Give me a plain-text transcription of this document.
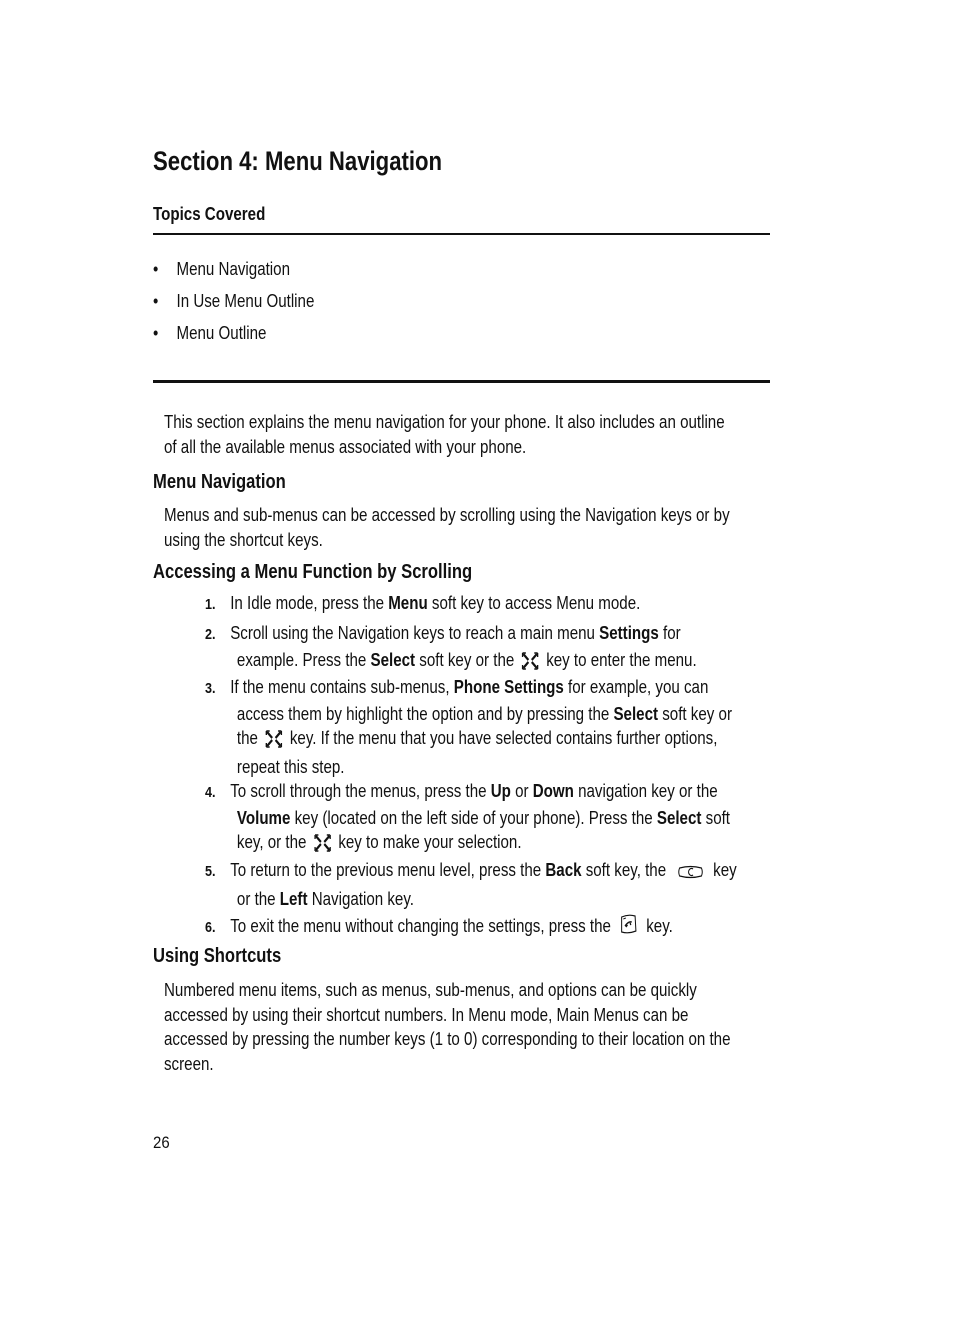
Section 4: Menu Navigation
Topics Covered
• Menu Navigation
• In Use Menu Outline
• Menu Outline
This section explains the menu navigation for your phone. It also includes an outline
of all the available menus associated with your phone.
Menu Navigation
Menus and sub-menus can be accessed by scrolling using the Navigation keys or by
using the shortcut keys.
Accessing a Menu Function by Scrolling
1. In Idle mode, press the Menu soft key to access Menu mode.
2. Scroll using the Navigation keys to reach a main menu Settings for
example. Press the Select soft key or the  key to enter the menu.
3. If the menu contains sub-menus, Phone Settings for example, you can
access them by highlight the option and by pressing the Select soft key or
the  key. If the menu that you have selected contains further options,
repeat this step.
4. To scroll through the menus, press the Up or Down navigation key or the
Volume key (located on the left side of your phone). Press the Select soft
key, or the  key to make your selection.
5. To return to the previous menu level, press the Back soft key, the  key
or the Left Navigation key.
6. To exit the menu without changing the settings, press the  key.
Using Shortcuts
Numbered menu items, such as menus, sub-menus, and options can be quickly
accessed by using their shortcut numbers. In Menu mode, Main Menus can be
accessed by pressing the number keys (1 to 0) corresponding to their location on the
screen.
26
